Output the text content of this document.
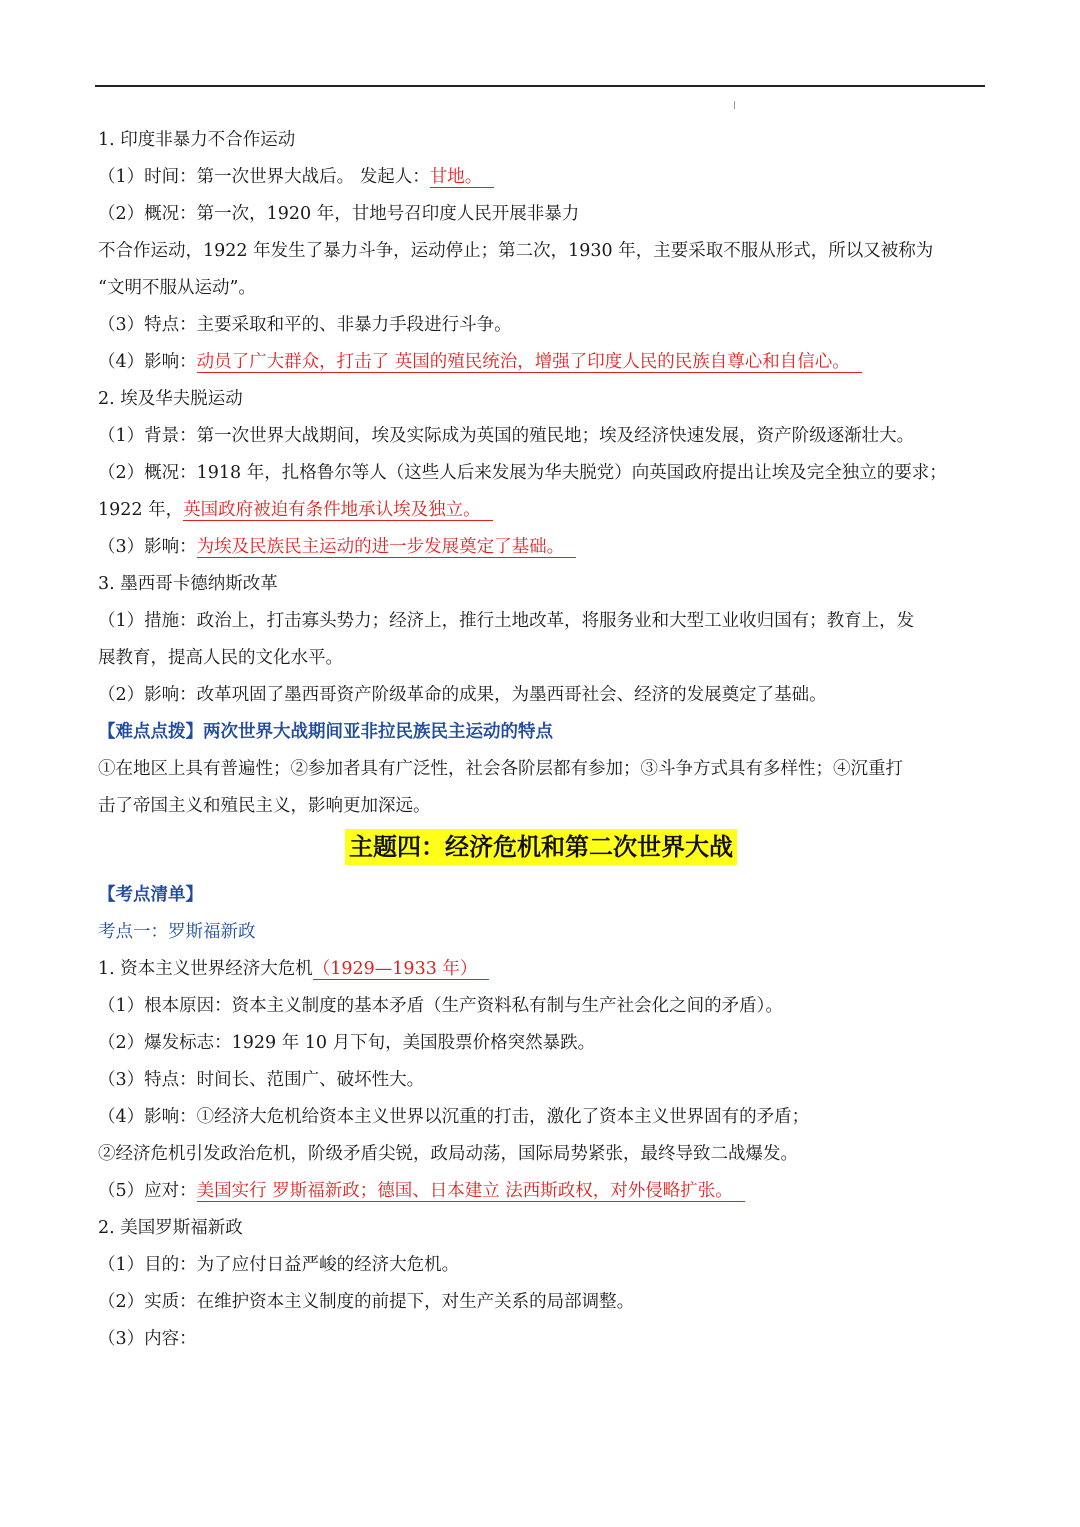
1. 印度非暴力不合作运动
（1）时间：第一次世界大战后。 发起人：甘地。
（2）概况：第一次，1920 年，甘地号召印度人民开展非暴力
不合作运动，1922 年发生了暴力斗争，运动停止；第二次，1930 年，主要采取不服从形式，所以又被称为
“文明不服从运动”。
（3）特点：主要采取和平的、非暴力手段进行斗争。
（4）影响：动员了广大群众，打击了 英国的殖民统治，增强了印度人民的民族自尊心和自信心。
2. 埃及华夫脱运动
（1）背景：第一次世界大战期间，埃及实际成为英国的殖民地；埃及经济快速发展，资产阶级逐渐壮大。
（2）概况：1918 年，扎格鲁尔等人（这些人后来发展为华夫脱党）向英国政府提出让埃及完全独立的要求；
1922 年，英国政府被迫有条件地承认埃及独立。
（3）影响：为埃及民族民主运动的进一步发展奠定了基础。
3. 墨西哥卡德纳斯改革
（1）措施：政治上，打击寡头势力；经济上，推行土地改革，将服务业和大型工业收归国有；教育上，发
展教育，提高人民的文化水平。
（2）影响：改革巩固了墨西哥资产阶级革命的成果，为墨西哥社会、经济的发展奠定了基础。
【难点点拨】两次世界大战期间亚非拉民族民主运动的特点
①在地区上具有普遍性；②参加者具有广泛性，社会各阶层都有参加；③斗争方式具有多样性；④沉重打
击了帝国主义和殖民主义，影响更加深远。
主题四：经济危机和第二次世界大战
【考点清单】
考点一：罗斯福新政
1. 资本主义世界经济大危机（1929—1933 年）
（1）根本原因：资本主义制度的基本矛盾（生产资料私有制与生产社会化之间的矛盾）。
（2）爆发标志：1929 年 10 月下旬，美国股票价格突然暴跌。
（3）特点：时间长、范围广、破坏性大。
（4）影响：①经济大危机给资本主义世界以沉重的打击，激化了资本主义世界固有的矛盾；
②经济危机引发政治危机，阶级矛盾尖锐，政局动荡，国际局势紧张，最终导致二战爆发。
（5）应对：美国实行 罗斯福新政；德国、日本建立 法西斯政权，对外侵略扩张。
2. 美国罗斯福新政
（1）目的：为了应付日益严峻的经济大危机。
（2）实质：在维护资本主义制度的前提下，对生产关系的局部调整。
（3）内容：
